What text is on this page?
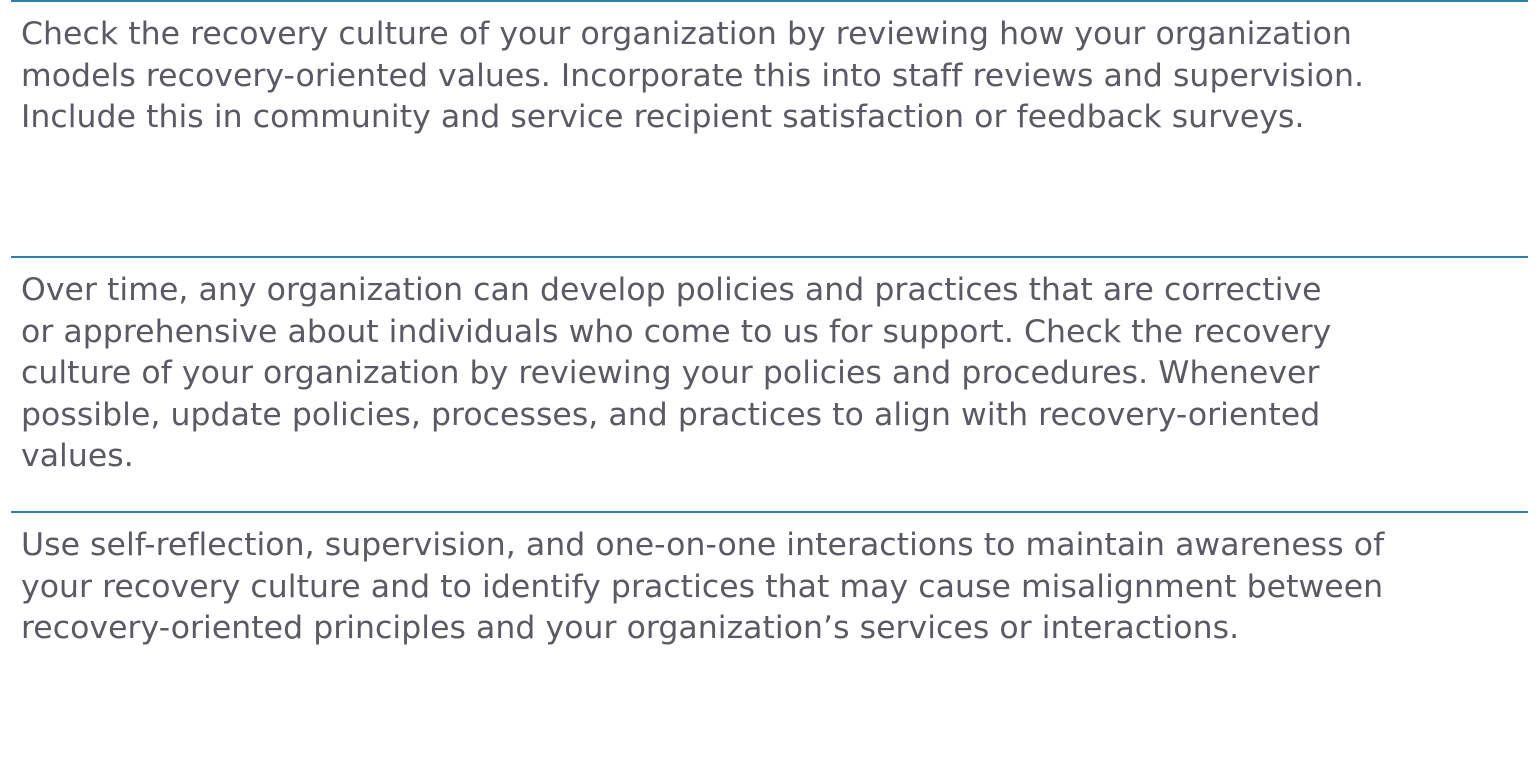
Check the recovery culture of your organization by reviewing how your organization
models recovery-oriented values. Incorporate this into staff reviews and supervision.
Include this in community and service recipient satisfaction or feedback surveys.

Over time, any organization can develop policies and practices that are corrective
or apprehensive about individuals who come to us for support. Check the recovery
culture of your organization by reviewing your policies and procedures. Whenever
possible, update policies, processes, and practices to align with recovery-oriented
values.

Use self-reflection, supervision, and one-on-one interactions to maintain awareness of
your recovery culture and to identify practices that may cause misalignment between
recovery-oriented principles and your organization’s services or interactions.
